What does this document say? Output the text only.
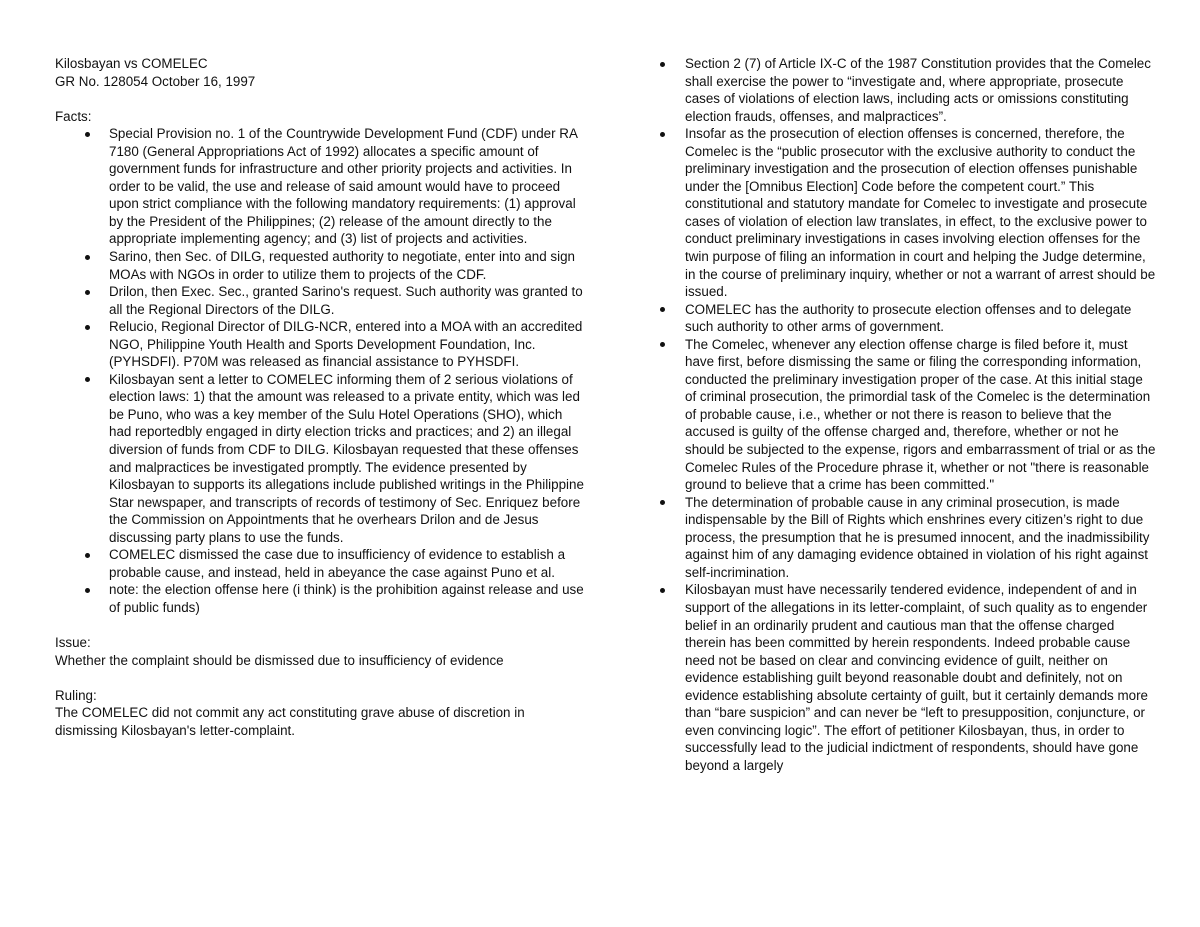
Kilosbayan vs COMELEC
GR No. 128054 October 16, 1997
Facts:
Special Provision no. 1 of the Countrywide Development Fund (CDF) under RA 7180 (General Appropriations Act of 1992) allocates a specific amount of government funds for infrastructure and other priority projects and activities. In order to be valid, the use and release of said amount would have to proceed upon strict compliance with the following mandatory requirements: (1) approval by the President of the Philippines; (2) release of the amount directly to the appropriate implementing agency; and (3) list of projects and activities.
Sarino, then Sec. of DILG, requested authority to negotiate, enter into and sign MOAs with NGOs in order to utilize them to projects of the CDF.
Drilon, then Exec. Sec., granted Sarino's request. Such authority was granted to all the Regional Directors of the DILG.
Relucio, Regional Director of DILG-NCR, entered into a MOA with an accredited NGO, Philippine Youth Health and Sports Development Foundation, Inc. (PYHSDFI). P70M was released as financial assistance to PYHSDFI.
Kilosbayan sent a letter to COMELEC informing them of 2 serious violations of election laws: 1) that the amount was released to a private entity, which was led be Puno, who was a key member of the Sulu Hotel Operations (SHO), which had reportedbly engaged in dirty election tricks and practices; and 2) an illegal diversion of funds from CDF to DILG. Kilosbayan requested that these offenses and malpractices be investigated promptly. The evidence presented by Kilosbayan to supports its allegations include published writings in the Philippine Star newspaper, and transcripts of records of testimony of Sec. Enriquez before the Commission on Appointments that he overhears Drilon and de Jesus discussing party plans to use the funds.
COMELEC dismissed the case due to insufficiency of evidence to establish a probable cause, and instead, held in abeyance the case against Puno et al.
note: the election offense here (i think) is the prohibition against release and use of public funds)
Issue:
Whether the complaint should be dismissed due to insufficiency of evidence
Ruling:
The COMELEC did not commit any act constituting grave abuse of discretion in dismissing Kilosbayan's letter-complaint.
Section 2 (7) of Article IX-C of the 1987 Constitution provides that the Comelec shall exercise the power to “investigate and, where appropriate, prosecute cases of violations of election laws, including acts or omissions constituting election frauds, offenses, and malpractices”.
Insofar as the prosecution of election offenses is concerned, therefore, the Comelec is the “public prosecutor with the exclusive authority to conduct the preliminary investigation and the prosecution of election offenses punishable under the [Omnibus Election] Code before the competent court.” This constitutional and statutory mandate for Comelec to investigate and prosecute cases of violation of election law translates, in effect, to the exclusive power to conduct preliminary investigations in cases involving election offenses for the twin purpose of filing an information in court and helping the Judge determine, in the course of preliminary inquiry, whether or not a warrant of arrest should be issued.
COMELEC has the authority to prosecute election offenses and to delegate such authority to other arms of government.
The Comelec, whenever any election offense charge is filed before it, must have first, before dismissing the same or filing the corresponding information, conducted the preliminary investigation proper of the case. At this initial stage of criminal prosecution, the primordial task of the Comelec is the determination of probable cause, i.e., whether or not there is reason to believe that the accused is guilty of the offense charged and, therefore, whether or not he should be subjected to the expense, rigors and embarrassment of trial or as the Comelec Rules of the Procedure phrase it, whether or not "there is reasonable ground to believe that a crime has been committed."
The determination of probable cause in any criminal prosecution, is made indispensable by the Bill of Rights which enshrines every citizen’s right to due process, the presumption that he is presumed innocent, and the inadmissibility against him of any damaging evidence obtained in violation of his right against self-incrimination.
Kilosbayan must have necessarily tendered evidence, independent of and in support of the allegations in its letter-complaint, of such quality as to engender belief in an ordinarily prudent and cautious man that the offense charged therein has been committed by herein respondents. Indeed probable cause need not be based on clear and convincing evidence of guilt, neither on evidence establishing guilt beyond reasonable doubt and definitely, not on evidence establishing absolute certainty of guilt, but it certainly demands more than “bare suspicion” and can never be “left to presupposition, conjuncture, or even convincing logic”. The effort of petitioner Kilosbayan, thus, in order to successfully lead to the judicial indictment of respondents, should have gone beyond a largely
